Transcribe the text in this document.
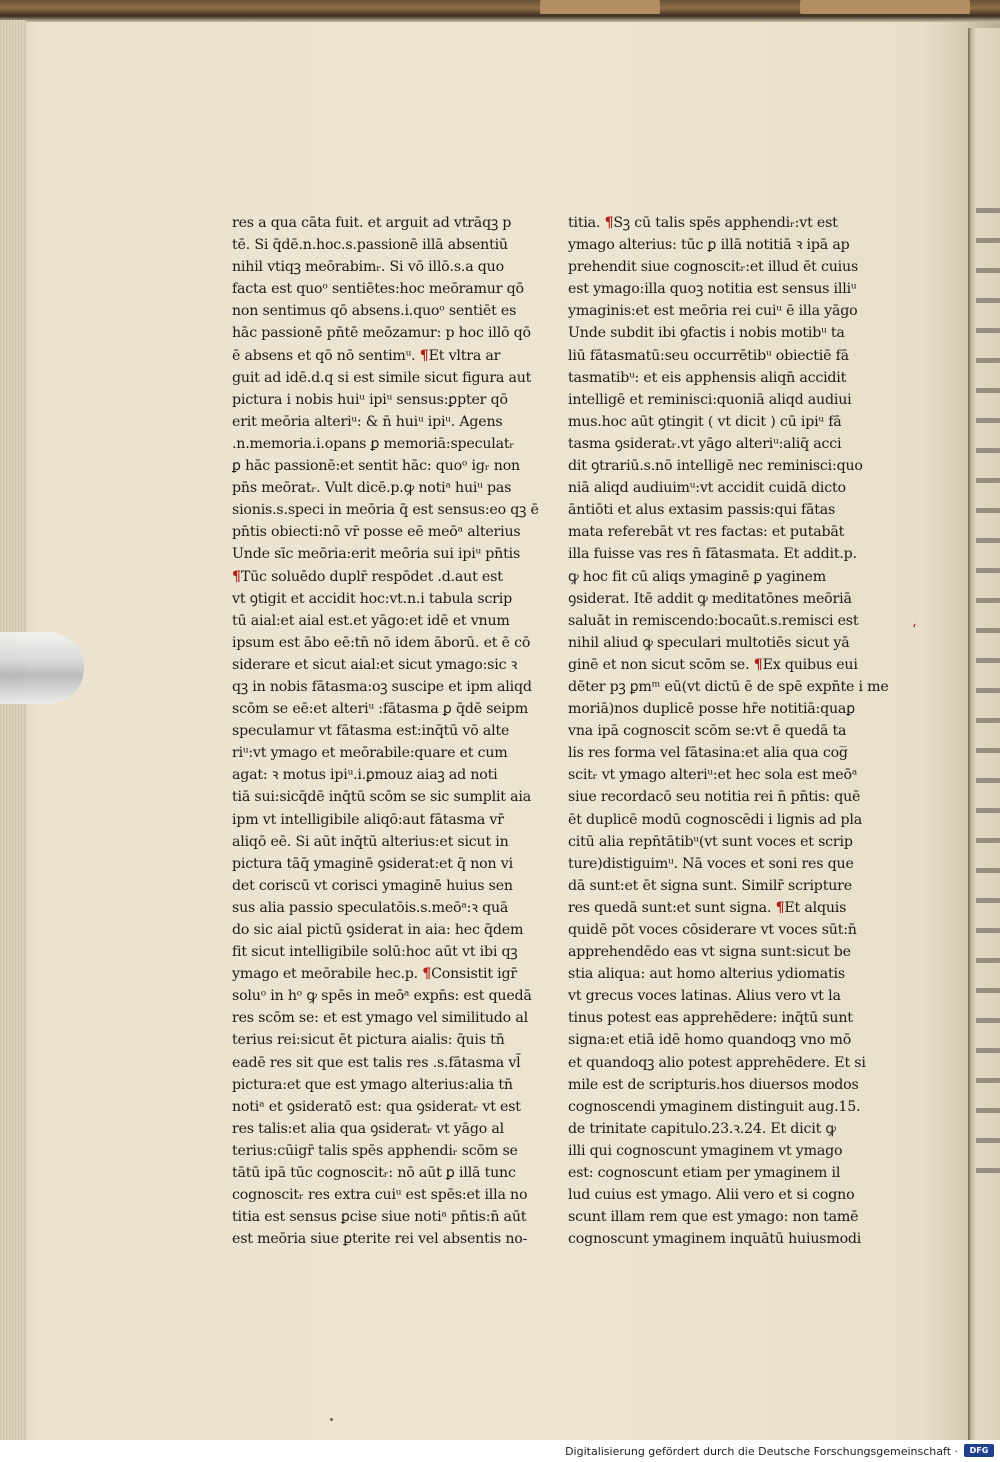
res a qua cāta fuit. et arguit ad vtrāqꝫ p
tē. Si q̄dē.n.hoc.s.passionē illā absentiū
nihil vtiqꝫ meōrabimᵣ. Si vō illō.s.a quo
facta est quoᵒ sentiētes:hoc meōramur qō
non sentimus qō absens.i.quoᵒ sentiēt es
hāc passionē pn̄tē meōzamur: p hoc illō qō
ē absens et qō nō sentimᵘ. ¶Et vltra ar
guit ad idē.d.q si est simile sicut figura aut
pictura i nobis huiᵘ ipiᵘ sensus:ꝑpter qō
erit meōria alteriᵘ: & n̄ huiᵘ ipiᵘ. Agens
.n.memoria.i.opans ꝑ memoriā:speculatᵣ
ꝑ hāc passionē:et sentit hāc: quoᵒ igᵣ non
pn̄s meōratᵣ. Vult dicē.p.ꝙ notiᵃ huiᵘ pas
sionis.s.speci in meōria q̄ est sensus:eo qꝫ ē
pn̄tis obiecti:nō vr̄ posse eē meōᵃ alterius
Unde sīc meōria:erit meōria sui ipiᵘ pn̄tis
¶Tūc soluēdo duplr̄ respōdet .d.aut est
vt ꝯtigit et accidit hoc:vt.n.i tabula scrip
tū aial:et aial est.et yāgo:et idē et vnum
ipsum est ābo eē:tn̄ nō idem āborū. et ē cō
siderare et sicut aial:et sicut ymago:sic ꝛ
qꝫ in nobis fātasma:oꝫ suscipe et ipm aliqd
scōm se eē:et alteriᵘ :fātasma ꝑ q̄dē seipm
speculamur vt fātasma est:inq̄tū vō alte
riᵘ:vt ymago et meōrabile:quare et cum
agat: ꝛ motus ipiᵘ.i.ꝑmouz aiaꝫ ad noti
tiā sui:sicq̄dē inq̄tū scōm se sic sumplit aia
ipm vt intelligibile aliqō:aut fātasma vr̄
aliqō eē. Si aūt inq̄tū alterius:et sicut in
pictura tāq̄ ymaginē ꝯsiderat:et q̄ non vi
det coriscū vt corisci ymaginē huius sen
sus alia passio speculatōis.s.meōᵃ:ꝛ quā
do sic aial pictū ꝯsiderat in aia: hec q̄dem
fit sicut intelligibile solū:hoc aūt vt ibi qꝫ
ymago et meōrabile hec.p. ¶Consistit igr̄
soluᵒ in hᵒ ꝙ spēs in meōᵃ expn̄s: est quedā
res scōm se: et est ymago vel similitudo al
terius rei:sicut ēt pictura aialis: q̄uis tn̄
eadē res sit que est talis res .s.fātasma vl̄
pictura:et que est ymago alterius:alia tn̄
notiᵃ et ꝯsideratō est: qua ꝯsideratᵣ vt est
res talis:et alia qua ꝯsideratᵣ vt yāgo al
terius:cūigr̄ talis spēs apphendiᵣ scōm se
tātū ipā tūc cognoscitᵣ: nō aūt ꝑ illā tunc
cognoscitᵣ res extra cuiᵘ est spēs:et illa no
titia est sensus ꝑcise siue notiᵃ pn̄tis:n̄ aūt
est meōria siue ꝑterite rei vel absentis no-
titia. ¶Sꝫ cū talis spēs apphendiᵣ:vt est
ymago alterius: tūc ꝑ illā notitiā ꝛ ipā ap
prehendit siue cognoscitᵣ:et illud ēt cuius
est ymago:illa quoꝫ notitia est sensus illiᵘ
ymaginis:et est meōria rei cuiᵘ ē illa yāgo
Unde subdit ibi ꝯfactis i nobis motibᵘ ta
liū fātasmatū:seu occurrētibᵘ obiectiē fā
tasmatibᵘ: et eis apphensis aliqn̄ accidit
intelligē et reminisci:quoniā aliqd audiui
mus.hoc aūt ꝯtingit ( vt dicit ) cū ipiᵘ fā
tasma ꝯsideratᵣ.vt yāgo alteriᵘ:aliq̄ acci
dit ꝯtrariū.s.nō intelligē nec reminisci:quo
niā aliqd audiuimᵘ:vt accidit cuidā dicto
āntiōti et alus extasim passis:qui fātas
mata referebāt vt res factas: et putabāt
illa fuisse vas res n̄ fātasmata. Et addit.p.
ꝙ hoc fit cū aliqs ymaginē ꝑ yaginem
ꝯsiderat. Itē addit ꝙ meditatōnes meōriā
saluāt in remiscendo:bocaūt.s.remisci est
nihil aliud ꝙ speculari multotiēs sicut yā
ginē et non sicut scōm se. ¶Ex quibus eui
dēter pꝫ ꝑmᵐ eū(vt dictū ē de spē expn̄te i me
moriā)nos duplicē posse hr̄e notitiā:quaꝑ
vna ipā cognoscit scōm se:vt ē quedā ta
lis res forma vel fātasina:et alia qua cog̅
scitᵣ vt ymago alteriᵘ:et hec sola est meōᵃ
siue recordacō seu notitia rei n̄ pn̄tis: quē
ēt duplicē modū cognoscēdi i lignis ad pla
citū alia repn̄tātibᵘ(vt sunt voces et scrip
ture)distiguimᵘ. Nā voces et soni res que
dā sunt:et ēt signa sunt. Similr̄ scripture
res quedā sunt:et sunt signa. ¶Et alquis
quidē pōt voces cōsiderare vt voces sūt:n̄
apprehendēdo eas vt signa sunt:sicut be
stia aliqua: aut homo alterius ydiomatis
vt grecus voces latinas. Alius vero vt la
tinus potest eas apprehēdere: inq̄tū sunt
signa:et etiā idē homo quandoqꝫ vno mō
et quandoqꝫ alio potest apprehēdere. Et si
mile est de scripturis.hos diuersos modos
cognoscendi ymaginem distinguit aug.15.
de trinitate capitulo.23.ꝛ.24. Et dicit ꝙ
illi qui cognoscunt ymaginem vt ymago
est: cognoscunt etiam per ymaginem il
lud cuius est ymago. Alii vero et si cogno
scunt illam rem que est ymago: non tamē
cognoscunt ymaginem inquātū huiusmodi
‘
Digitalisierung gefördert durch die Deutsche Forschungsgemeinschaft ·	DFG
